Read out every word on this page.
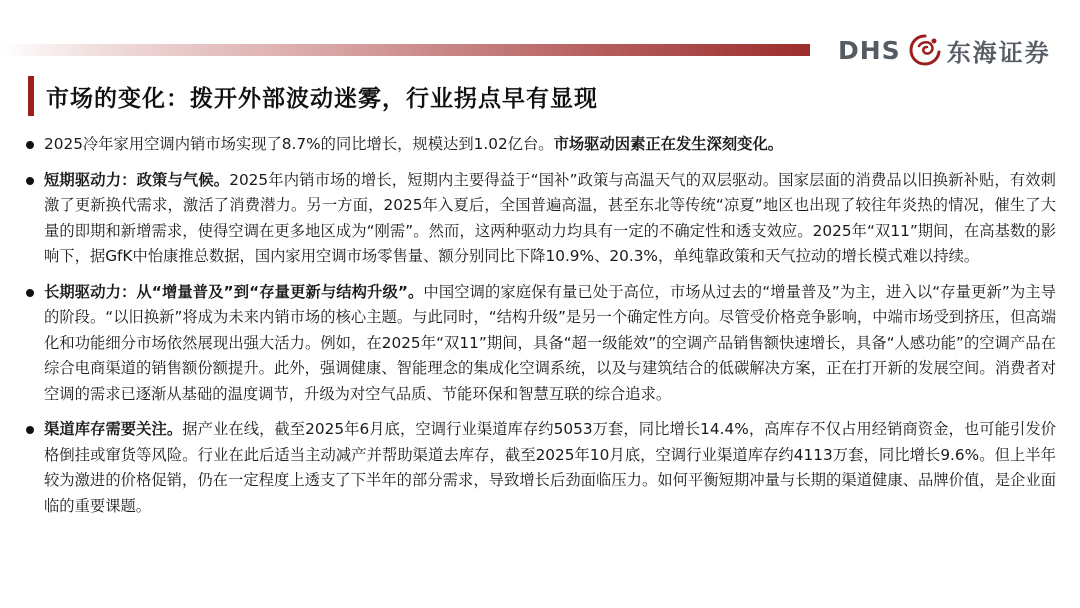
DHS 东海证券
市场的变化：拨开外部波动迷雾，行业拐点早有显现
2025冷年家用空调内销市场实现了8.7%的同比增长，规模达到1.02亿台。市场驱动因素正在发生深刻变化。
短期驱动力：政策与气候。2025年内销市场的增长，短期内主要得益于“国补”政策与高温天气的双层驱动。国家层面的消费品以旧换新补贴，有效刺激了更新换代需求，激活了消费潜力。另一方面，2025年入夏后，全国普遍高温，甚至东北等传统“凉夏”地区也出现了较往年炎热的情况，催生了大量的即期和新增需求，使得空调在更多地区成为“刚需”。然而，这两种驱动力均具有一定的不确定性和透支效应。2025年“双11”期间，在高基数的影响下，据GfK中怡康推总数据，国内家用空调市场零售量、额分别同比下降10.9%、20.3%，单纯靠政策和天气拉动的增长模式难以持续。
长期驱动力：从“增量普及”到“存量更新与结构升级”。中国空调的家庭保有量已处于高位，市场从过去的“增量普及”为主，进入以“存量更新”为主导的阶段。“以旧换新”将成为未来内销市场的核心主题。与此同时，“结构升级”是另一个确定性方向。尽管受价格竞争影响，中端市场受到挤压，但高端化和功能细分市场依然展现出强大活力。例如，在2025年“双11”期间，具备“超一级能效”的空调产品销售额快速增长，具备“人感功能”的空调产品在综合电商渠道的销售额份额提升。此外，强调健康、智能理念的集成化空调系统，以及与建筑结合的低碳解决方案，正在打开新的发展空间。消费者对空调的需求已逐渐从基础的温度调节，升级为对空气品质、节能环保和智慧互联的综合追求。
渠道库存需要关注。据产业在线，截至2025年6月底，空调行业渠道库存约5053万套，同比增长14.4%，高库存不仅占用经销商资金，也可能引发价格倒挂或窜货等风险。行业在此后适当主动减产并帮助渠道去库存，截至2025年10月底，空调行业渠道库存约4113万套，同比增长9.6%。但上半年较为激进的价格促销，仍在一定程度上透支了下半年的部分需求，导致增长后劲面临压力。如何平衡短期冲量与长期的渠道健康、品牌价值，是企业面临的重要课题。
